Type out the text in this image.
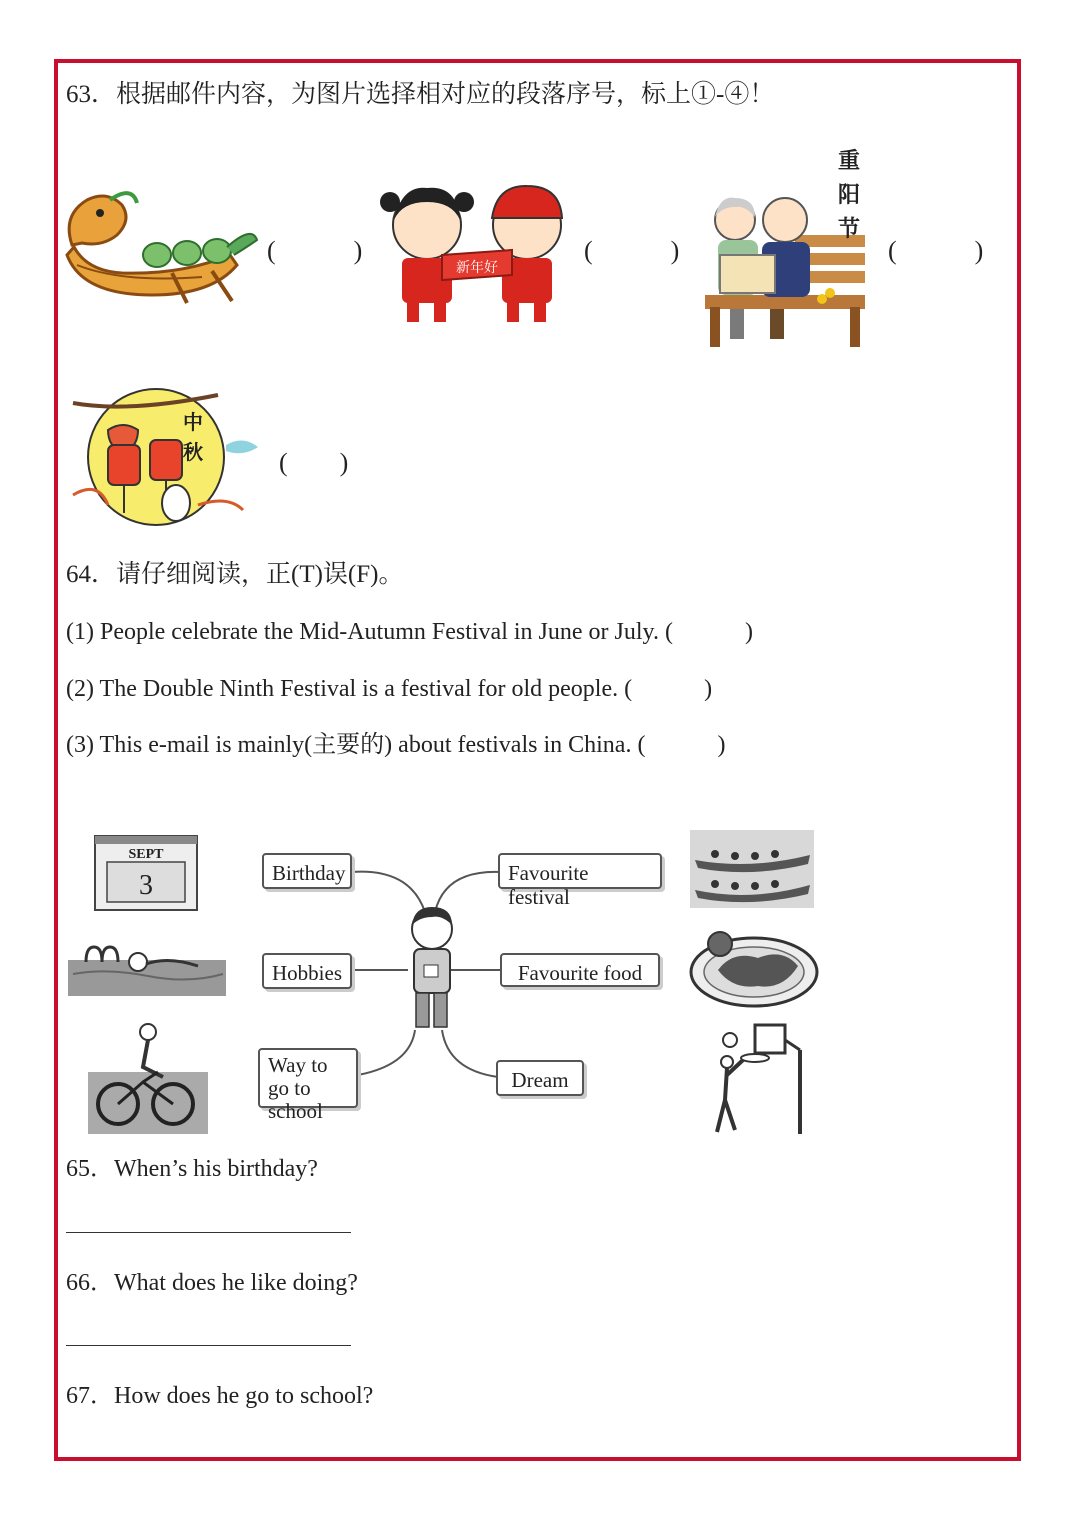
63．根据邮件内容，为图片选择相对应的段落序号，标上①-④！
(　　　)
新年好
(　　　)
重阳节
(　　　)
中秋	(　　)
64．请仔细阅读，正(T)误(F)。
(1) People celebrate the Mid-Autumn Festival in June or July. (　　　)
(2) The Double Ninth Festival is a festival for old people. (　　　)
(3) This e-mail is mainly(主要的) about festivals in China. (　　　)
SEPT
3	Birthday
Hobbies
Way to go to school
Favourite festival
Favourite food
Dream
65．When’s his birthday?
66．What does he like doing?
67．How does he go to school?
